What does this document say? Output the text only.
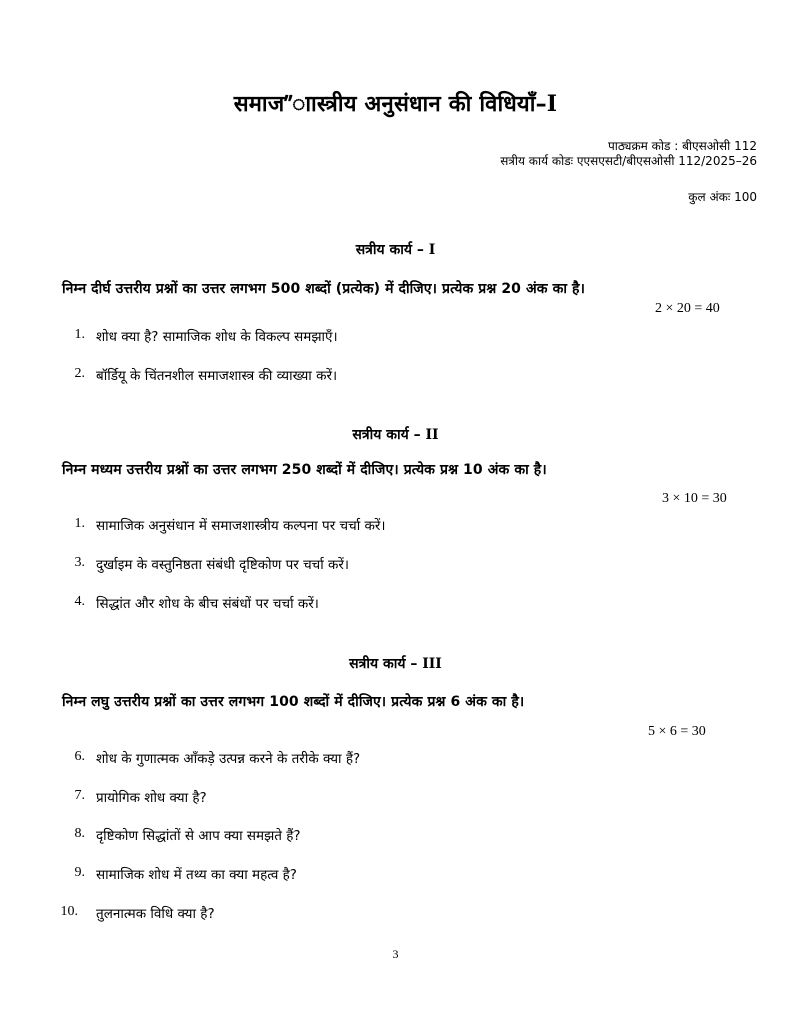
समाज”ाास्त्रीय अनुसंधान की विधियाँ–I
पाठ्यक्रम कोड : बीएसओसी 112
सत्रीय कार्य कोडः एएसएसटी/बीएसओसी 112/2025–26
कुल अंकः 100
सत्रीय कार्य – I
निम्न दीर्घ उत्तरीय प्रश्नों का उत्तर लगभग 500 शब्दों (प्रत्येक) में दीजिए। प्रत्येक प्रश्न 20 अंक का है।
2 × 20 = 40
1. शोध क्या है? सामाजिक शोध के विकल्प समझाएँ।
2. बॉर्डियू के चिंतनशील समाजशास्त्र की व्याख्या करें।
सत्रीय कार्य – II
निम्न मध्यम उत्तरीय प्रश्नों का उत्तर लगभग 250 शब्दों में दीजिए। प्रत्येक प्रश्न 10 अंक का है।
3 × 10 = 30
1. सामाजिक अनुसंधान में समाजशास्त्रीय कल्पना पर चर्चा करें।
3. दुर्खाइम के वस्तुनिष्ठता संबंधी दृष्टिकोण पर चर्चा करें।
4. सिद्धांत और शोध के बीच संबंधों पर चर्चा करें।
सत्रीय कार्य – III
निम्न लघु उत्तरीय प्रश्नों का उत्तर लगभग 100 शब्दों में दीजिए। प्रत्येक प्रश्न 6 अंक का है।
5 × 6 = 30
6. शोध के गुणात्मक आँकड़े उत्पन्न करने के तरीके क्या हैं?
7. प्रायोगिक शोध क्या है?
8. दृष्टिकोण सिद्धांतों से आप क्या समझते हैं?
9. सामाजिक शोध में तथ्य का क्या महत्व है?
10. तुलनात्मक विधि क्या है?
3
